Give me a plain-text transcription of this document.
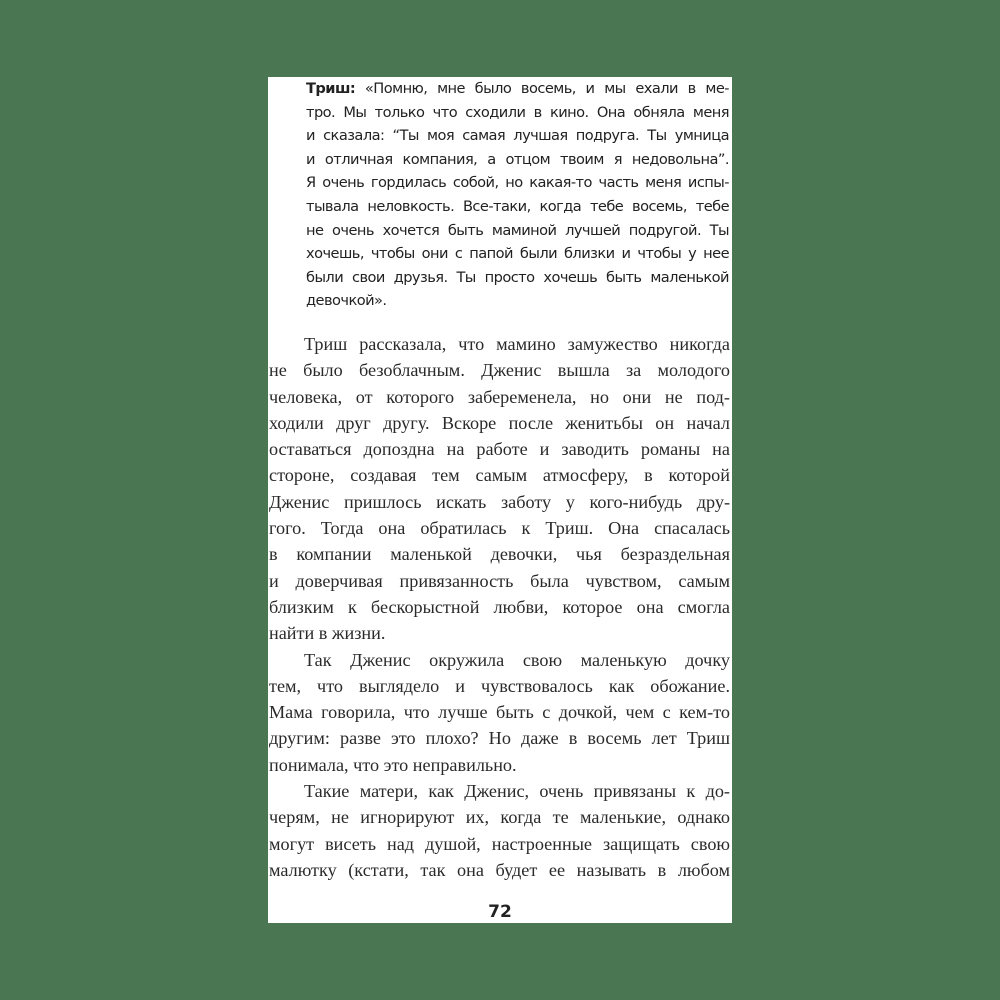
Триш: «Помню, мне было восемь, и мы ехали в ме-
тро. Мы только что сходили в кино. Она обняла меня
и сказала: “Ты моя самая лучшая подруга. Ты умница
и отличная компания, а отцом твоим я недовольна”.
Я очень гордилась собой, но какая-то часть меня испы-
тывала неловкость. Все-таки, когда тебе восемь, тебе
не очень хочется быть маминой лучшей подругой. Ты
хочешь, чтобы они с папой были близки и чтобы у нее
были свои друзья. Ты просто хочешь быть маленькой
девочкой».
Триш рассказала, что мамино замужество никогда
не было безоблачным. Дженис вышла за молодого
человека, от которого забеременела, но они не под-
ходили друг другу. Вскоре после женитьбы он начал
оставаться допоздна на работе и заводить романы на
стороне, создавая тем самым атмосферу, в которой
Дженис пришлось искать заботу у кого-нибудь дру-
гого. Тогда она обратилась к Триш. Она спасалась
в компании маленькой девочки, чья безраздельная
и доверчивая привязанность была чувством, самым
близким к бескорыстной любви, которое она смогла
найти в жизни.
Так Дженис окружила свою маленькую дочку
тем, что выглядело и чувствовалось как обожание.
Мама говорила, что лучше быть с дочкой, чем с кем-то
другим: разве это плохо? Но даже в восемь лет Триш
понимала, что это неправильно.
Такие матери, как Дженис, очень привязаны к до-
черям, не игнорируют их, когда те маленькие, однако
могут висеть над душой, настроенные защищать свою
малютку (кстати, так она будет ее называть в любом
72
